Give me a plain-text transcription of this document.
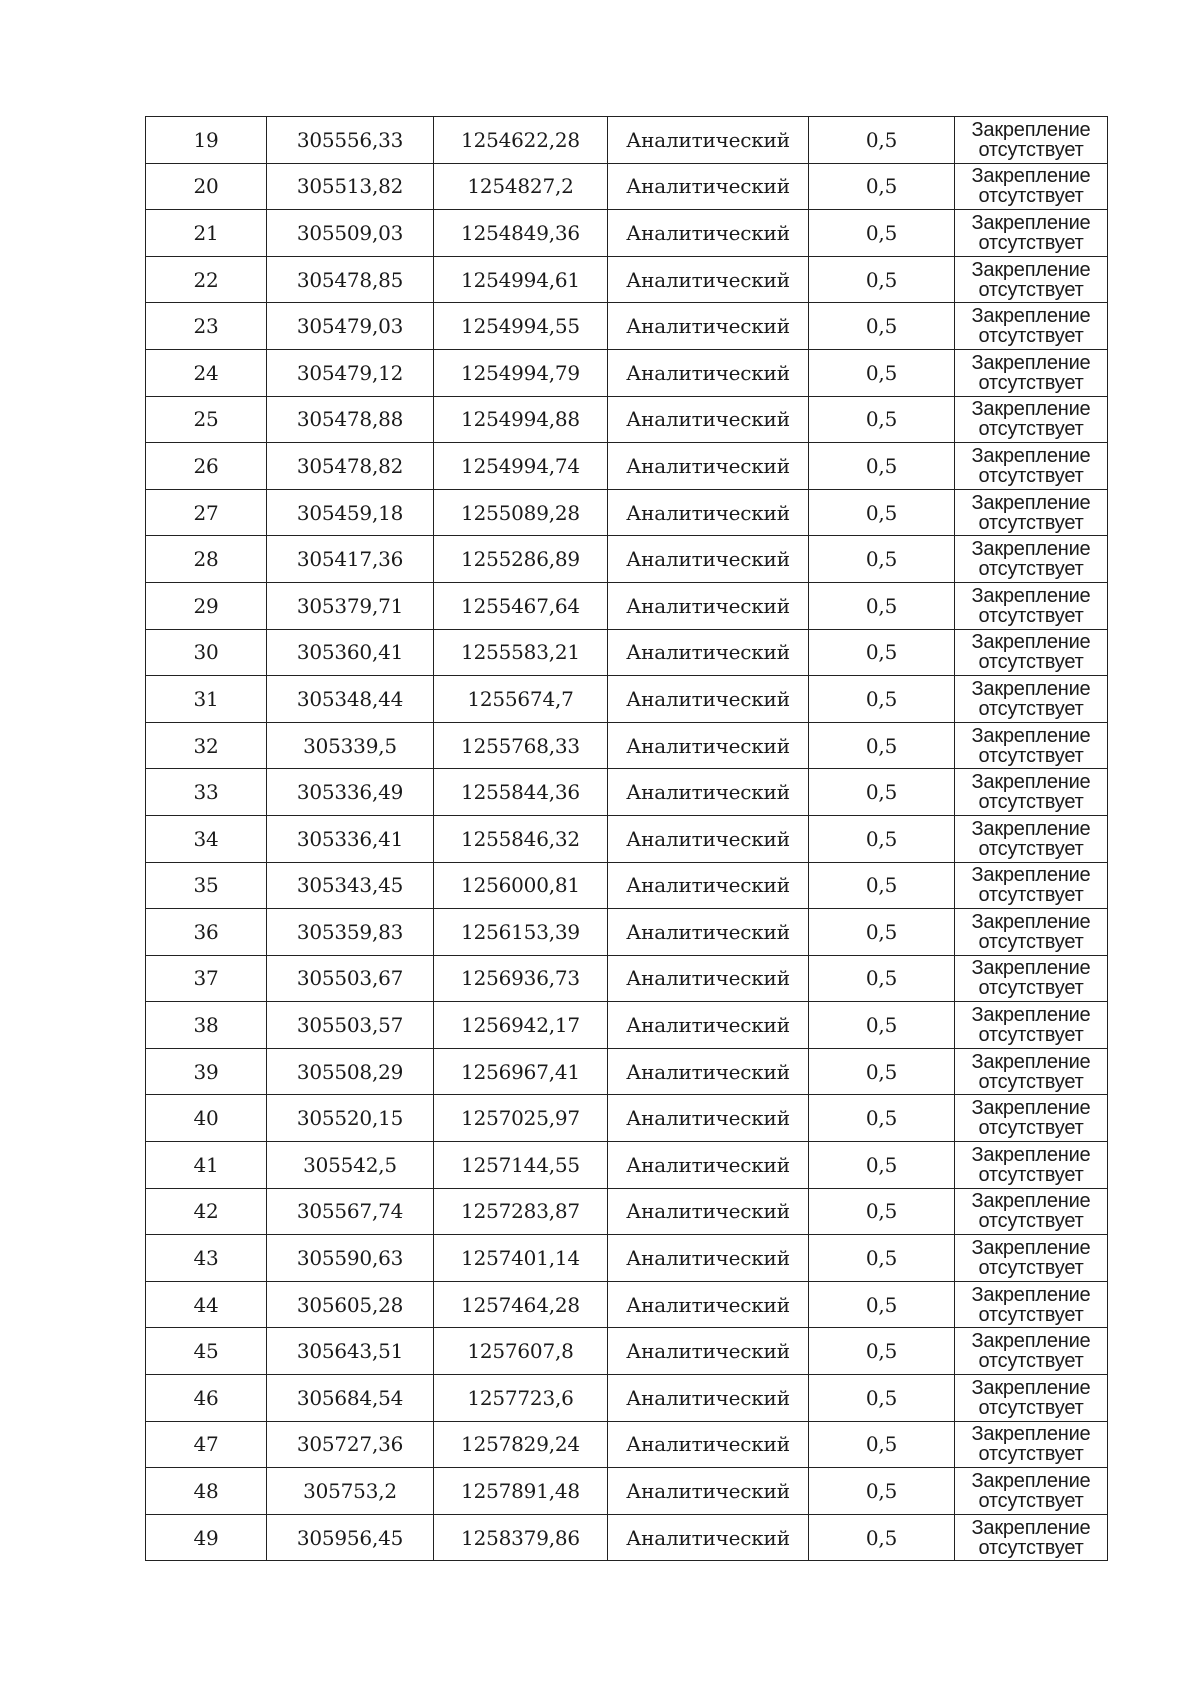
19	305556,33	1254622,28	Аналитический	0,5	Закрепление
отсутствует

20	305513,82	1254827,2	Аналитический	0,5	Закрепление
отсутствует

21	305509,03	1254849,36	Аналитический	0,5	Закрепление
отсутствует

22	305478,85	1254994,61	Аналитический	0,5	Закрепление
отсутствует

23	305479,03	1254994,55	Аналитический	0,5	Закрепление
отсутствует

24	305479,12	1254994,79	Аналитический	0,5	Закрепление
отсутствует

25	305478,88	1254994,88	Аналитический	0,5	Закрепление
отсутствует

26	305478,82	1254994,74	Аналитический	0,5	Закрепление
отсутствует

27	305459,18	1255089,28	Аналитический	0,5	Закрепление
отсутствует

28	305417,36	1255286,89	Аналитический	0,5	Закрепление
отсутствует

29	305379,71	1255467,64	Аналитический	0,5	Закрепление
отсутствует

30	305360,41	1255583,21	Аналитический	0,5	Закрепление
отсутствует

31	305348,44	1255674,7	Аналитический	0,5	Закрепление
отсутствует

32	305339,5	1255768,33	Аналитический	0,5	Закрепление
отсутствует

33	305336,49	1255844,36	Аналитический	0,5	Закрепление
отсутствует

34	305336,41	1255846,32	Аналитический	0,5	Закрепление
отсутствует

35	305343,45	1256000,81	Аналитический	0,5	Закрепление
отсутствует

36	305359,83	1256153,39	Аналитический	0,5	Закрепление
отсутствует

37	305503,67	1256936,73	Аналитический	0,5	Закрепление
отсутствует

38	305503,57	1256942,17	Аналитический	0,5	Закрепление
отсутствует

39	305508,29	1256967,41	Аналитический	0,5	Закрепление
отсутствует

40	305520,15	1257025,97	Аналитический	0,5	Закрепление
отсутствует

41	305542,5	1257144,55	Аналитический	0,5	Закрепление
отсутствует

42	305567,74	1257283,87	Аналитический	0,5	Закрепление
отсутствует

43	305590,63	1257401,14	Аналитический	0,5	Закрепление
отсутствует

44	305605,28	1257464,28	Аналитический	0,5	Закрепление
отсутствует

45	305643,51	1257607,8	Аналитический	0,5	Закрепление
отсутствует

46	305684,54	1257723,6	Аналитический	0,5	Закрепление
отсутствует

47	305727,36	1257829,24	Аналитический	0,5	Закрепление
отсутствует

48	305753,2	1257891,48	Аналитический	0,5	Закрепление
отсутствует

49	305956,45	1258379,86	Аналитический	0,5	Закрепление
отсутствует
